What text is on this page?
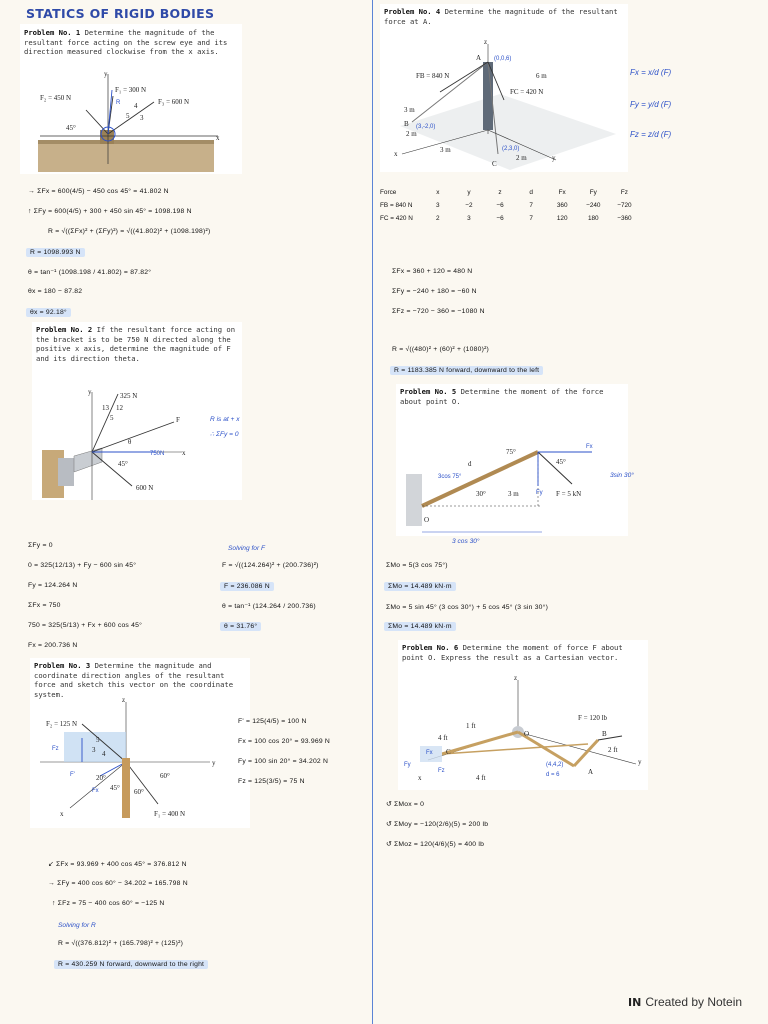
STATICS OF RIGID BODIES
Problem No. 1 Determine the magnitude of the resultant force acting on the screw eye and its direction measured clockwise from the x axis.
F₁ = 300 N
F₂ = 450 N	F₃ = 600 N
45°
x
y
5
4
3
R
→ ΣFx = 600(4/5) − 450 cos 45° = 41.802 N
↑ ΣFy = 600(4/5) + 300 + 450 sin 45° = 1098.198 N
R = √((ΣFx)² + (ΣFy)²) = √((41.802)² + (1098.198)²)
R = 1098.993 N
θ = tan⁻¹ (1098.198 / 41.802) = 87.82°
θx = 180 − 87.82
θx = 92.18°
Problem No. 2 If the resultant force acting on the bracket is to be 750 N directed along the positive x axis, determine the magnitude of F and its direction theta.
325 N
600 N
F
13 12
5
θ
45°
x
y
750N
R is at + x
∴ ΣFy = 0
ΣFy = 0
0 = 325(12/13) + Fy − 600 sin 45°
Fy = 124.264 N
ΣFx = 750
750 = 325(5/13) + Fx + 600 cos 45°
Fx = 200.736 N
Solving for F
F = √((124.264)² + (200.736)²)
F = 236.086 N
θ = tan⁻¹ (124.264 / 200.736)
θ = 31.76°
Problem No. 3 Determine the magnitude and coordinate direction angles of the resultant force and sketch this vector on the coordinate system.
F₂ = 125 N
F₁ = 400 N
20°	60°
45° 60°
5
3 4
x
y
z
Fz
Fx
F'
F' = 125(4/5) = 100 N
Fx = 100 cos 20° = 93.969 N
Fy = 100 sin 20° = 34.202 N
Fz = 125(3/5) = 75 N
↙ ΣFx = 93.969 + 400 cos 45° = 376.812 N
→ ΣFy = 400 cos 60° − 34.202 = 165.798 N
↑ ΣFz = 75 − 400 cos 60° = −125 N
Solving for R
R = √((376.812)² + (165.798)² + (125)²)
R = 430.259 N forward, downward to the right
Problem No. 4 Determine the magnitude of the resultant force at A.
FB = 840 N
FC = 420 N
6 m
A
B
C
z
y
x
3 m
2 m
3 m
2 m
(0,0,6)
(3,-2,0)
(2,3,0)
Fx = x/d (F)
Fy = y/d (F)
Fz = z/d (F)
Force	x	y	z	d	Fx	Fy	Fz
FB = 840 N	3	−2	−6	7	360	−240	−720
FC = 420 N	2	3	−6	7	120	180	−360
ΣFx = 360 + 120 = 480 N
ΣFy = −240 + 180 = −60 N
ΣFz = −720 − 360 = −1080 N
R = √((480)² + (60)² + (1080)²)
R = 1183.385 N forward, downward to the left
Problem No. 5 Determine the moment of the force about point O.
75°
45°
30°	3 m	F = 5 kN
O
d
Fx
Fy
3cos 75°	3sin 30°
3 cos 30°
ΣMo = 5(3 cos 75°)
ΣMo = 14.489 kN·m
ΣMo = 5 sin 45° (3 cos 30°) + 5 cos 45° (3 sin 30°)
ΣMo = 14.489 kN·m
Problem No. 6 Determine the moment of force F about point O. Express the result as a Cartesian vector.
F = 120 lb
1 ft
4 ft
2 ft
4 ft
O
A
B
C
x
y
z
(4,4,2)
d = 6
Fx
Fy
Fz
↺ ΣMox = 0
↺ ΣMoy = −120(2/6)(5) = 200 lb
↺ ΣMoz = 120(4/6)(5) = 400 lb
IN Created by Notein
